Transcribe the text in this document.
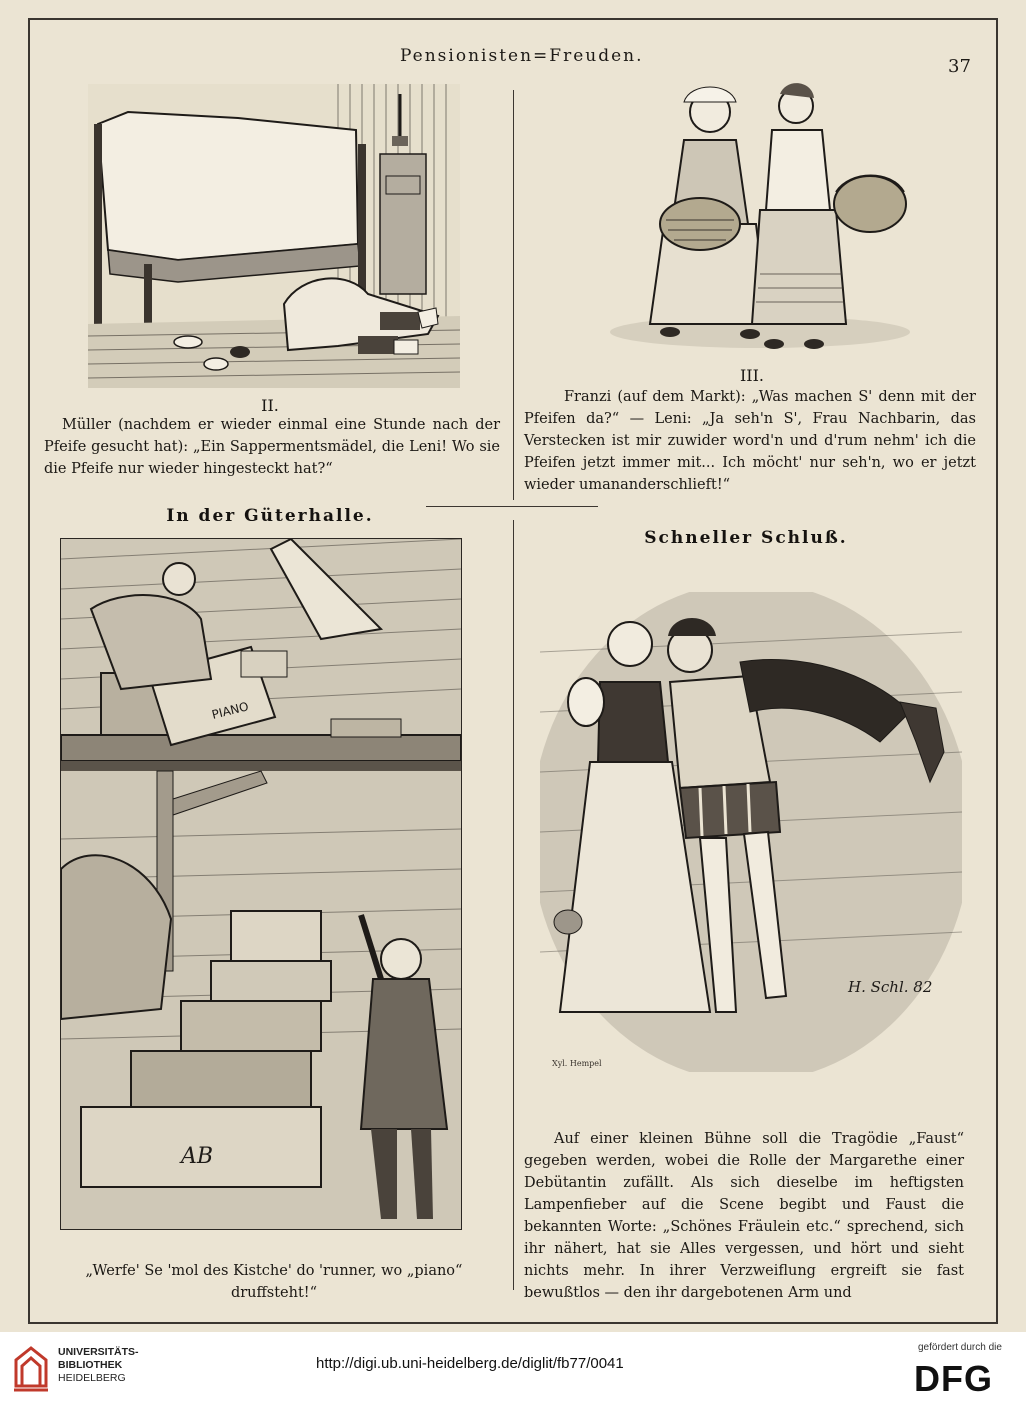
Pensionisten=Freuden.	37
II.
Müller (nachdem er wieder einmal eine Stunde nach der Pfeife gesucht hat): „Ein Sappermentsmädel, die Leni! Wo sie die Pfeife nur wieder hingesteckt hat?“
III.
Franzi (auf dem Markt): „Was machen S' denn mit der Pfeifen da?“ — Leni: „Ja seh'n S', Frau Nachbarin, das Verstecken ist mir zuwider word'n und d'rum nehm' ich die Pfeifen jetzt immer mit... Ich möcht' nur seh'n, wo er jetzt wieder umananderschlieft!“
In der Güterhalle.
Schneller Schluß.
PIANO
AB
H. Schl. 82
Xyl. Hempel
„Werfe' Se 'mol des Kistche' do 'runner, wo „piano“ druffsteht!“
Auf einer kleinen Bühne soll die Tragödie „Faust“ gegeben werden, wobei die Rolle der Margarethe einer Debütantin zufällt. Als sich dieselbe im heftigsten Lampenfieber auf die Scene begibt und Faust die bekannten Worte: „Schönes Fräulein etc.“ sprechend, sich ihr nähert, hat sie Alles vergessen, und hört und sieht nichts mehr. In ihrer Verzweiflung ergreift sie fast bewußtlos — den ihr dargebotenen Arm und
UNIVERSITÄTS-
BIBLIOTHEK
HEIDELBERG
http://digi.ub.uni-heidelberg.de/diglit/fb77/0041
gefördert durch die
DFG
